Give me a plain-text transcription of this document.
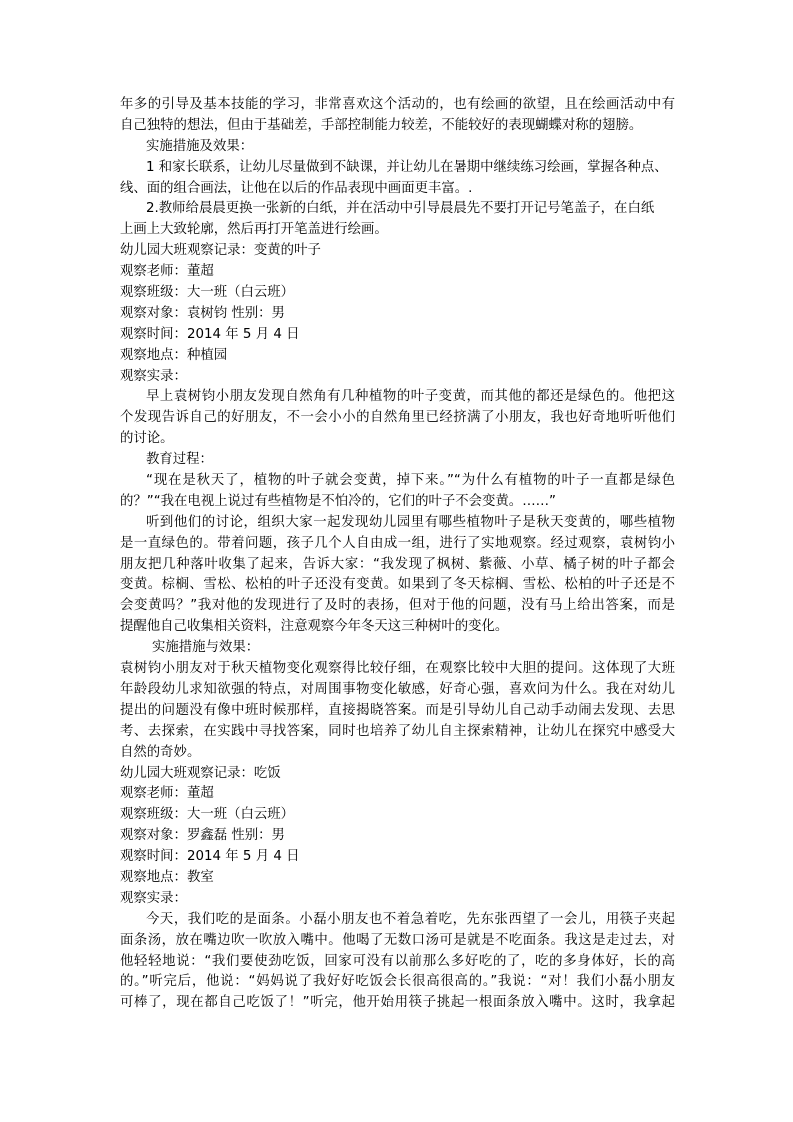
年多的引导及基本技能的学习，非常喜欢这个活动的，也有绘画的欲望，且在绘画活动中有
自己独特的想法，但由于基础差，手部控制能力较差，不能较好的表现蝴蝶对称的翅膀。
实施措施及效果：
1 和家长联系，让幼儿尽量做到不缺课，并让幼儿在暑期中继续练习绘画，掌握各种点、
线、面的组合画法，让他在以后的作品表现中画面更丰富。.
2.教师给晨晨更换一张新的白纸，并在活动中引导晨晨先不要打开记号笔盖子，在白纸
上画上大致轮廓，然后再打开笔盖进行绘画。
幼儿园大班观察记录：变黄的叶子
观察老师：董超
观察班级：大一班（白云班）
观察对象：袁树钧 性别：男
观察时间：2014 年 5 月 4 日
观察地点：种植园
观察实录：
早上袁树钧小朋友发现自然角有几种植物的叶子变黄，而其他的都还是绿色的。他把这
个发现告诉自己的好朋友，不一会小小的自然角里已经挤满了小朋友，我也好奇地听听他们
的讨论。
教育过程：
“现在是秋天了，植物的叶子就会变黄，掉下来。”“为什么有植物的叶子一直都是绿色
的？”“我在电视上说过有些植物是不怕冷的，它们的叶子不会变黄。……”
听到他们的讨论，组织大家一起发现幼儿园里有哪些植物叶子是秋天变黄的，哪些植物
是一直绿色的。带着问题，孩子几个人自由成一组，进行了实地观察。经过观察，袁树钧小
朋友把几种落叶收集了起来，告诉大家：“我发现了枫树、紫薇、小草、橘子树的叶子都会
变黄。棕榈、雪松、松柏的叶子还没有变黄。如果到了冬天棕榈、雪松、松柏的叶子还是不
会变黄吗？”我对他的发现进行了及时的表扬，但对于他的问题，没有马上给出答案，而是
提醒他自己收集相关资料，注意观察今年冬天这三种树叶的变化。
实施措施与效果：
袁树钧小朋友对于秋天植物变化观察得比较仔细，在观察比较中大胆的提问。这体现了大班
年龄段幼儿求知欲强的特点，对周围事物变化敏感，好奇心强，喜欢问为什么。我在对幼儿
提出的问题没有像中班时候那样，直接揭晓答案。而是引导幼儿自己动手动闹去发现、去思
考、去探索，在实践中寻找答案，同时也培养了幼儿自主探索精神，让幼儿在探究中感受大
自然的奇妙。
幼儿园大班观察记录：吃饭
观察老师：董超
观察班级：大一班（白云班）
观察对象：罗鑫磊 性别：男
观察时间：2014 年 5 月 4 日
观察地点：教室
观察实录：
今天，我们吃的是面条。小磊小朋友也不着急着吃，先东张西望了一会儿，用筷子夹起
面条汤，放在嘴边吹一吹放入嘴中。他喝了无数口汤可是就是不吃面条。我这是走过去，对
他轻轻地说：“我们要使劲吃饭，回家可没有以前那么多好吃的了，吃的多身体好，长的高
的。”听完后，他说：“妈妈说了我好好吃饭会长很高很高的。”我说：“对！我们小磊小朋友
可棒了，现在都自己吃饭了！”听完，他开始用筷子挑起一根面条放入嘴中。这时，我拿起
